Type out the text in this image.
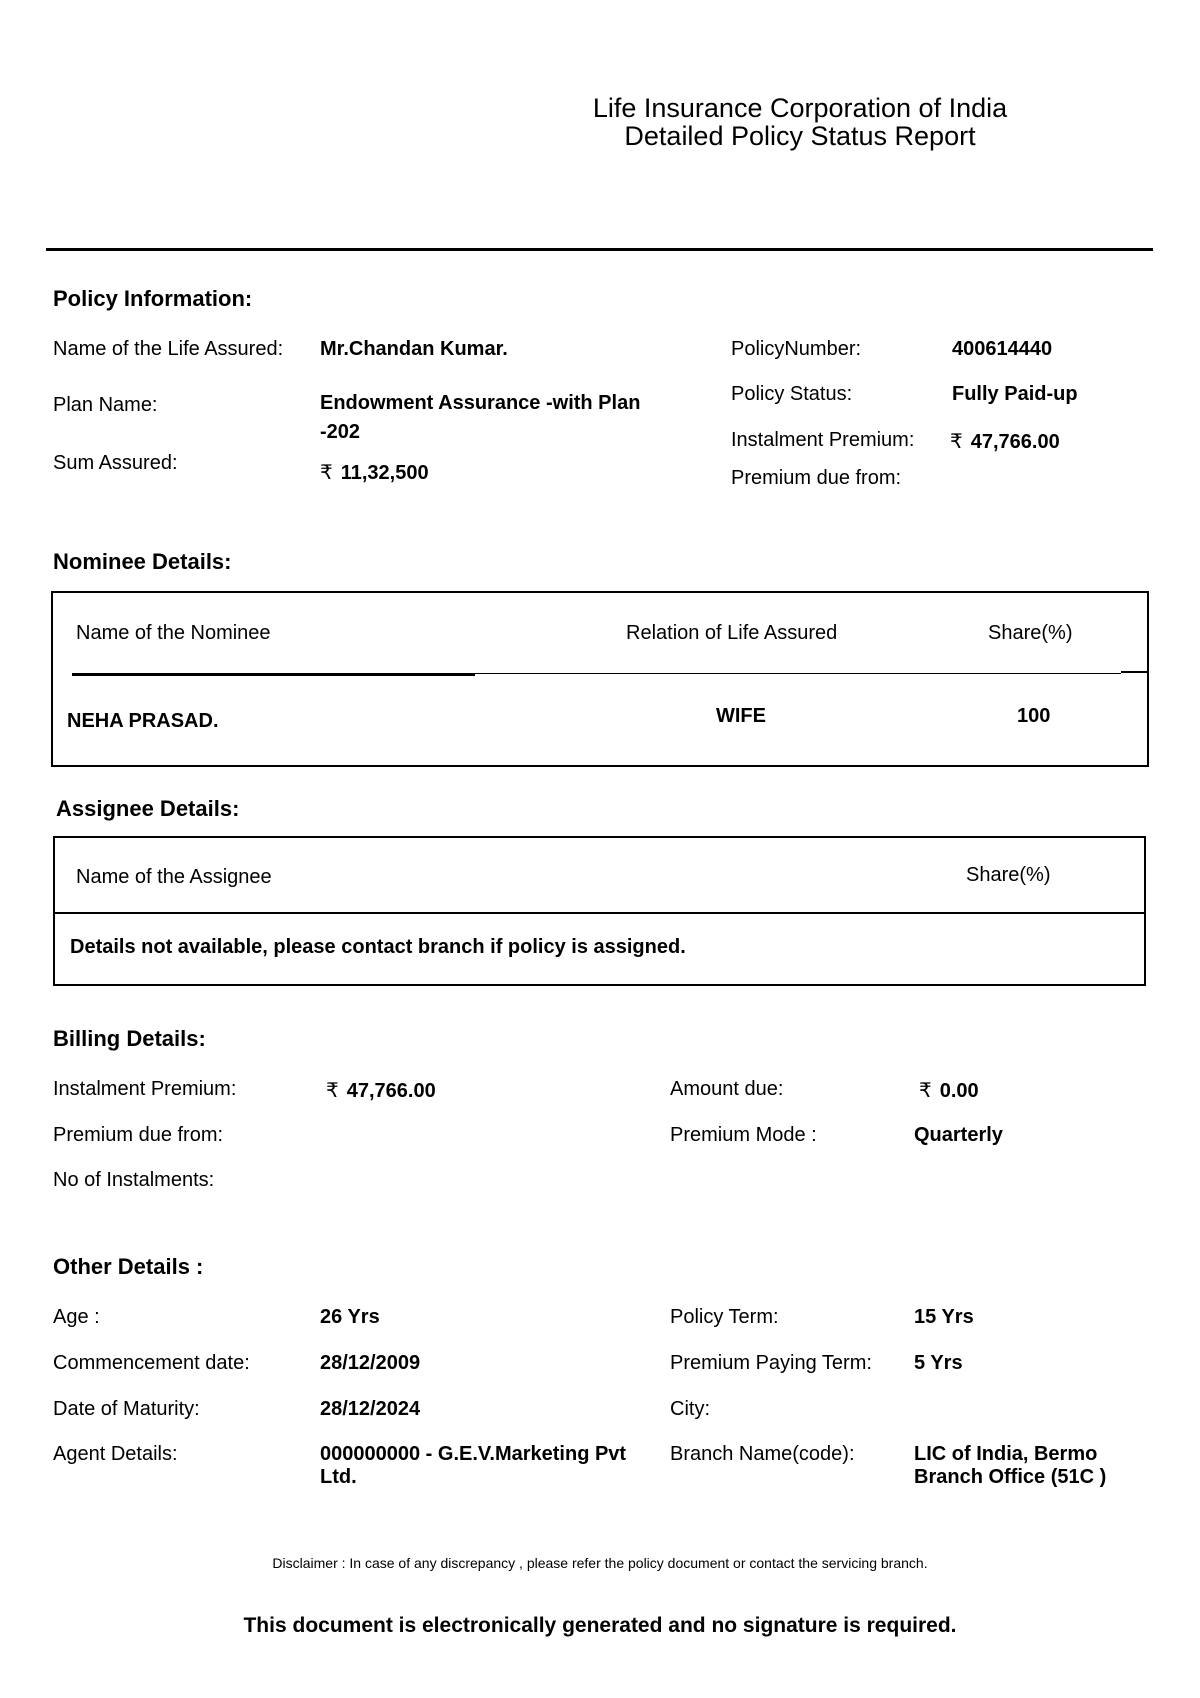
Life Insurance Corporation of India
Detailed Policy Status Report
Policy Information:
Name of the Life Assured: Mr.Chandan Kumar.
Plan Name:	Endowment Assurance -with Plan -202
Sum Assured:	₹ 11,32,500
PolicyNumber:	400614440
Policy Status:	Fully Paid-up
Instalment Premium: ₹ 47,766.00
Premium due from:
Nominee Details:
Name of the Nominee	Relation of Life Assured	Share(%)
NEHA PRASAD.	WIFE	100
Assignee Details:
Name of the Assignee	Share(%)
Details not available, please contact branch if policy is assigned.
Billing Details:
Instalment Premium:	₹ 47,766.00
Premium due from:
No of Instalments:
Amount due:	₹ 0.00
Premium Mode :	Quarterly
Other Details :
Age :	26 Yrs
Commencement date:	28/12/2009
Date of Maturity:	28/12/2024
Agent Details:	000000000 - G.E.V.Marketing Pvt Ltd.
Policy Term:	15 Yrs
Premium Paying Term: 5 Yrs
City:
Branch Name(code):	LIC of India, Bermo Branch Office (51C )
Disclaimer : In case of any discrepancy , please refer the policy document or contact the servicing branch.
This document is electronically generated and no signature is required.
